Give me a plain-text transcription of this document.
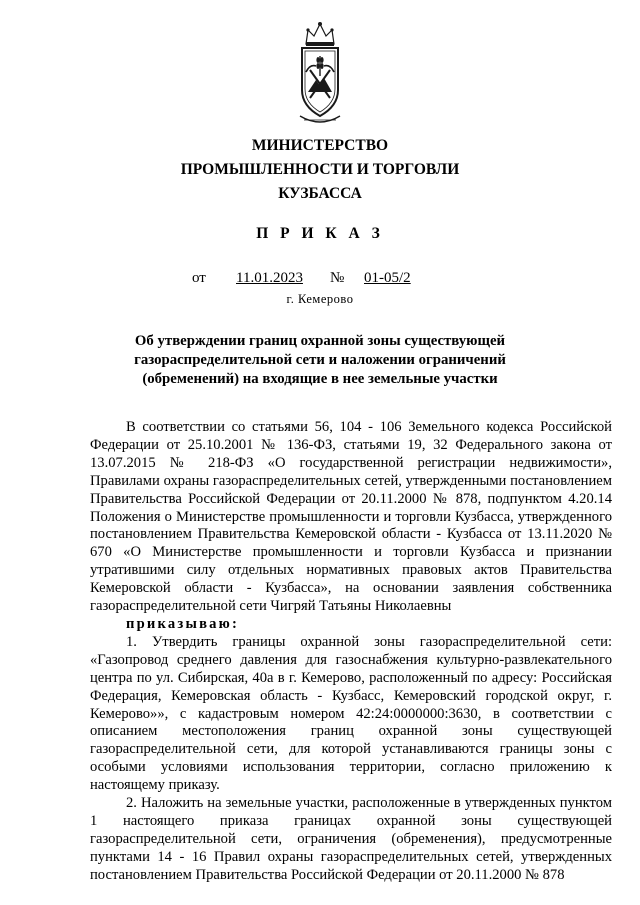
МИНИСТЕРСТВО
ПРОМЫШЛЕННОСТИ И ТОРГОВЛИ
КУЗБАССА
П Р И К А З
от 11.01.2023 № 01-05/2
г. Кемерово
Об утверждении границ охранной зоны существующей газораспределительной сети и наложении ограничений (обременений) на входящие в нее земельные участки

В соответствии со статьями 56, 104 - 106 Земельного кодекса Российской Федерации от 25.10.2001 № 136-ФЗ, статьями 19, 32 Федерального закона от 13.07.2015 № 218-ФЗ «О государственной регистрации недвижимости», Правилами охраны газораспределительных сетей, утвержденными постановлением Правительства Российской Федерации от 20.11.2000 № 878, подпунктом 4.20.14 Положения о Министерстве промышленности и торговли Кузбасса, утвержденного постановлением Правительства Кемеровской области - Кузбасса от 13.11.2020 № 670 «О Министерстве промышленности и торговли Кузбасса и признании утратившими силу отдельных нормативных правовых актов Правительства Кемеровской области - Кузбасса», на основании заявления собственника газораспределительной сети Чигряй Татьяны Николаевны

приказываю:

1. Утвердить границы охранной зоны газораспределительной сети: «Газопровод среднего давления для газоснабжения культурно-развлекательного центра по ул. Сибирская, 40а в г. Кемерово, расположенный по адресу: Российская Федерация, Кемеровская область - Кузбасс, Кемеровский городской округ, г. Кемерово»», с кадастровым номером 42:24:0000000:3630, в соответствии с описанием местоположения границ охранной зоны существующей газораспределительной сети, для которой устанавливаются границы зоны с особыми условиями использования территории, согласно приложению к настоящему приказу.

2. Наложить на земельные участки, расположенные в утвержденных пунктом 1 настоящего приказа границах охранной зоны существующей газораспределительной сети, ограничения (обременения), предусмотренные пунктами 14 - 16 Правил охраны газораспределительных сетей, утвержденных постановлением Правительства Российской Федерации от 20.11.2000 № 878
